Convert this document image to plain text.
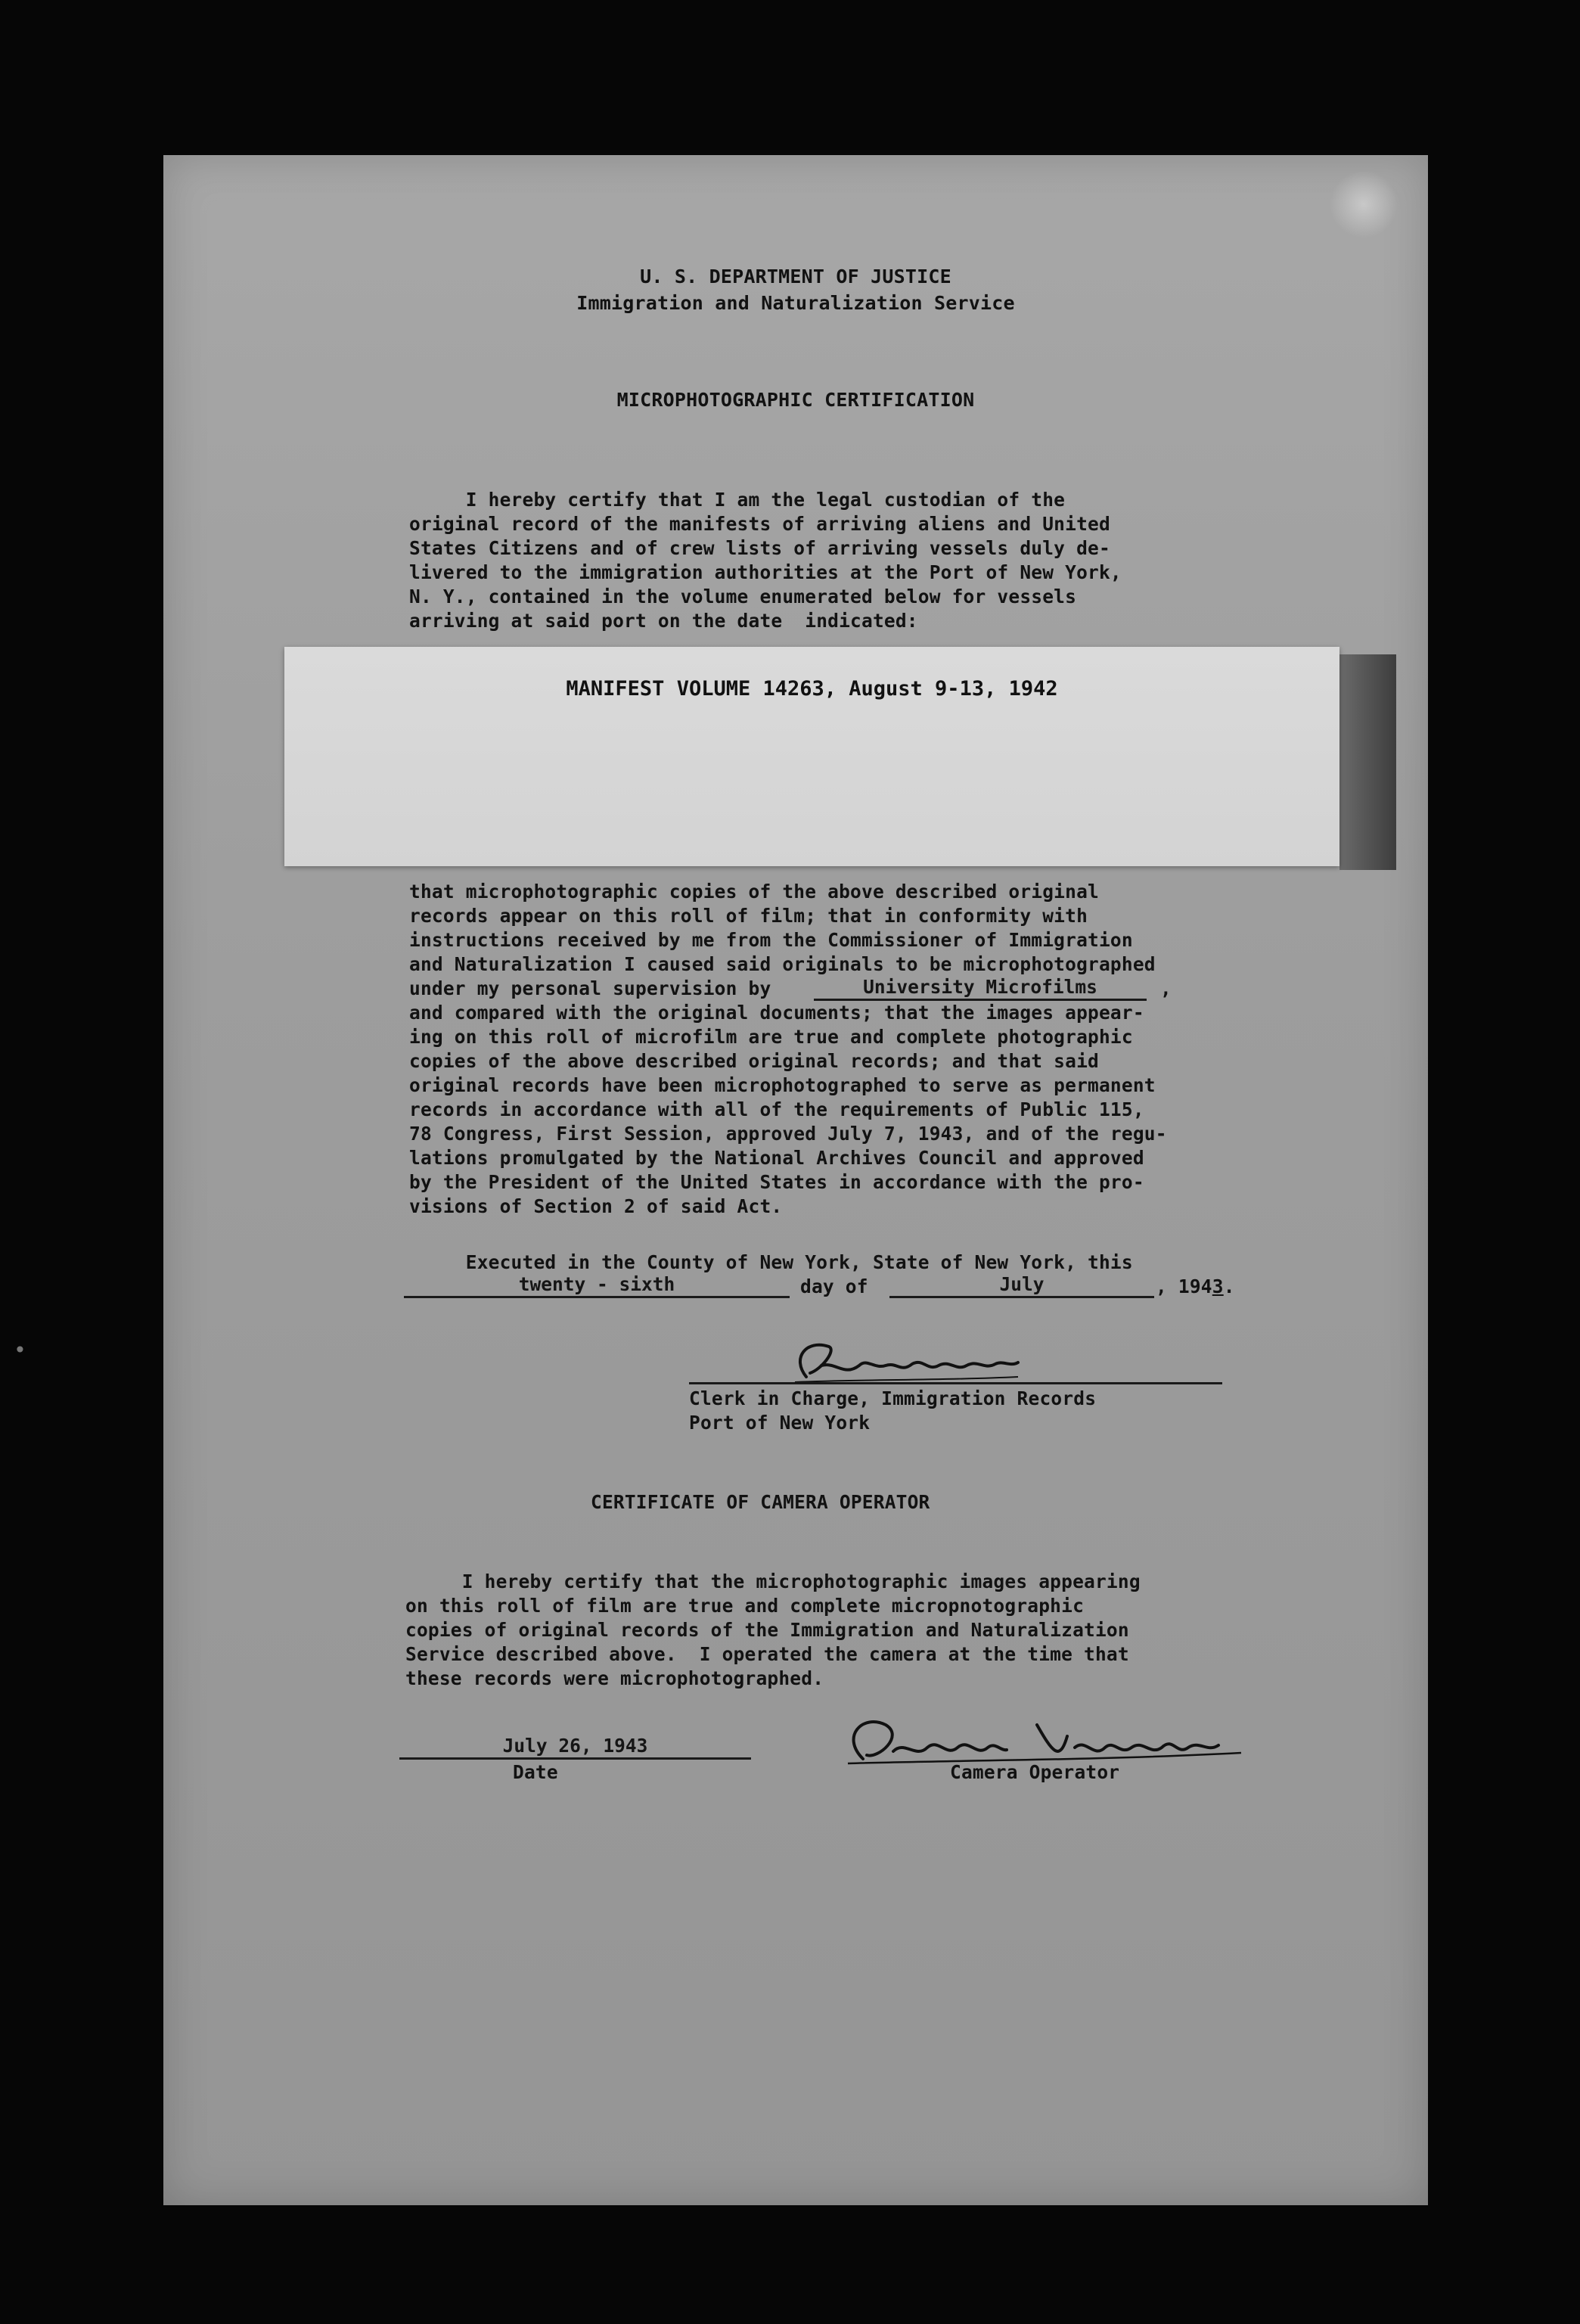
•
U. S. DEPARTMENT OF JUSTICE
Immigration and Naturalization Service
MICROPHOTOGRAPHIC CERTIFICATION
I hereby certify that I am the legal custodian of the
original record of the manifests of arriving aliens and United
States Citizens and of crew lists of arriving vessels duly de-
livered to the immigration authorities at the Port of New York,
N. Y., contained in the volume enumerated below for vessels
arriving at said port on the date  indicated:
MANIFEST VOLUME 14263, August 9-13, 1942
that microphotographic copies of the above described original
records appear on this roll of film; that in conformity with
instructions received by me from the Commissioner of Immigration
and Naturalization I caused said originals to be microphotographed
under my personal supervision by	University Microfilms	,
and compared with the original documents; that the images appear-
ing on this roll of microfilm are true and complete photographic
copies of the above described original records; and that said
original records have been microphotographed to serve as permanent
records in accordance with all of the requirements of Public 115,
78 Congress, First Session, approved July 7, 1943, and of the regu-
lations promulgated by the National Archives Council and approved
by the President of the United States in accordance with the pro-
visions of Section 2 of said Act.
Executed in the County of New York, State of New York, this
twenty - sixth	day of	July	, 1943.
Clerk in Charge, Immigration Records
Port of New York
CERTIFICATE OF CAMERA OPERATOR
I hereby certify that the microphotographic images appearing
on this roll of film are true and complete micropnotographic
copies of original records of the Immigration and Naturalization
Service described above.  I operated the camera at the time that
these records were microphotographed.
July 26, 1943
Date	Camera Operator
